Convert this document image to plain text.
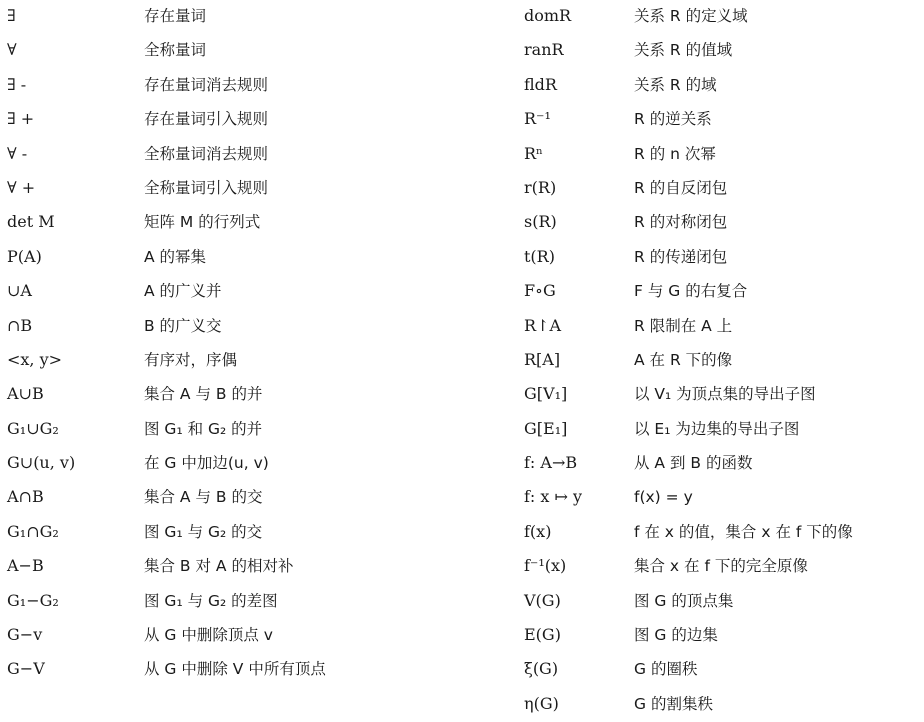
∃	存在量词
∀	全称量词
∃ -	存在量词消去规则
∃ +	存在量词引入规则
∀ -	全称量词消去规则
∀ +	全称量词引入规则
det M	矩阵 M 的行列式
P(A)	A 的幂集
∪A	A 的广义并
∩B	B 的广义交
<x, y>	有序对，序偶
A∪B	集合 A 与 B 的并
G₁∪G₂	图 G₁ 和 G₂ 的并
G∪(u, v)	在 G 中加边(u, v)
A∩B	集合 A 与 B 的交
G₁∩G₂	图 G₁ 与 G₂ 的交
A−B	集合 B 对 A 的相对补
G₁−G₂	图 G₁ 与 G₂ 的差图
G−v	从 G 中删除顶点 v
G−V	从 G 中删除 V 中所有顶点
domR	关系 R 的定义域
ranR	关系 R 的值域
fldR	关系 R 的域
R⁻¹	R 的逆关系
Rⁿ	R 的 n 次幂
r(R)	R 的自反闭包
s(R)	R 的对称闭包
t(R)	R 的传递闭包
F∘G	F 与 G 的右复合
R↾A	R 限制在 A 上
R[A]	A 在 R 下的像
G[V₁]	以 V₁ 为顶点集的导出子图
G[E₁]	以 E₁ 为边集的导出子图
f: A→B	从 A 到 B 的函数
f: x ↦ y	f(x) = y
f(x)	f 在 x 的值，集合 x 在 f 下的像
f⁻¹(x)	集合 x 在 f 下的完全原像
V(G)	图 G 的顶点集
E(G)	图 G 的边集
ξ(G)	G 的圈秩
η(G)	G 的割集秩
